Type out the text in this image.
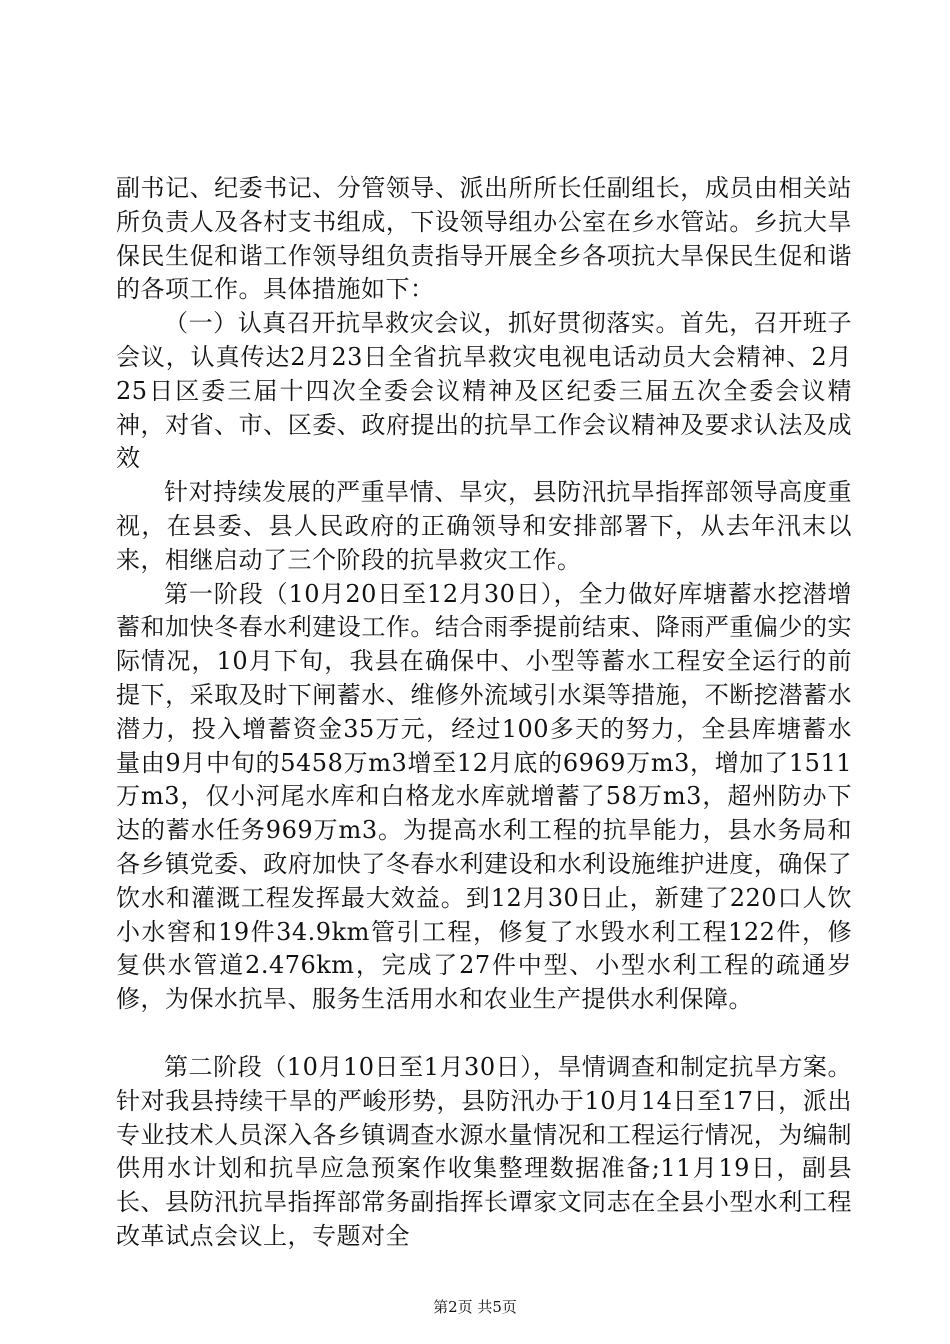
副书记、纪委书记、分管领导、派出所所长任副组长，成员由相关站所负责人及各村支书组成，下设领导组办公室在乡水管站。乡抗大旱保民生促和谐工作领导组负责指导开展全乡各项抗大旱保民生促和谐的各项工作。具体措施如下：

（一）认真召开抗旱救灾会议，抓好贯彻落实。首先，召开班子会议，认真传达2月23日全省抗旱救灾电视电话动员大会精神、2月25日区委三届十四次全委会议精神及区纪委三届五次全委会议精神，对省、市、区委、政府提出的抗旱工作会议精神及要求认法及成效

针对持续发展的严重旱情、旱灾，县防汛抗旱指挥部领导高度重视，在县委、县人民政府的正确领导和安排部署下，从去年汛末以来，相继启动了三个阶段的抗旱救灾工作。

第一阶段（10月20日至12月30日），全力做好库塘蓄水挖潜增蓄和加快冬春水利建设工作。结合雨季提前结束、降雨严重偏少的实际情况，10月下旬，我县在确保中、小型等蓄水工程安全运行的前提下，采取及时下闸蓄水、维修外流域引水渠等措施，不断挖潜蓄水潜力，投入增蓄资金35万元，经过100多天的努力，全县库塘蓄水量由9月中旬的5458万m3增至12月底的6969万m3，增加了1511万m3，仅小河尾水库和白格龙水库就增蓄了58万m3，超州防办下达的蓄水任务969万m3。为提高水利工程的抗旱能力，县水务局和各乡镇党委、政府加快了冬春水利建设和水利设施维护进度，确保了饮水和灌溉工程发挥最大效益。到12月30日止，新建了220口人饮小水窖和19件34.9km管引工程，修复了水毁水利工程122件，修复供水管道2.476km，完成了27件中型、小型水利工程的疏通岁修，为保水抗旱、服务生活用水和农业生产提供水利保障。

第二阶段（10月10日至1月30日），旱情调查和制定抗旱方案。针对我县持续干旱的严峻形势，县防汛办于10月14日至17日，派出专业技术人员深入各乡镇调查水源水量情况和工程运行情况，为编制供用水计划和抗旱应急预案作收集整理数据准备;11月19日，副县长、县防汛抗旱指挥部常务副指挥长谭家文同志在全县小型水利工程改革试点会议上，专题对全

第2页 共5页
